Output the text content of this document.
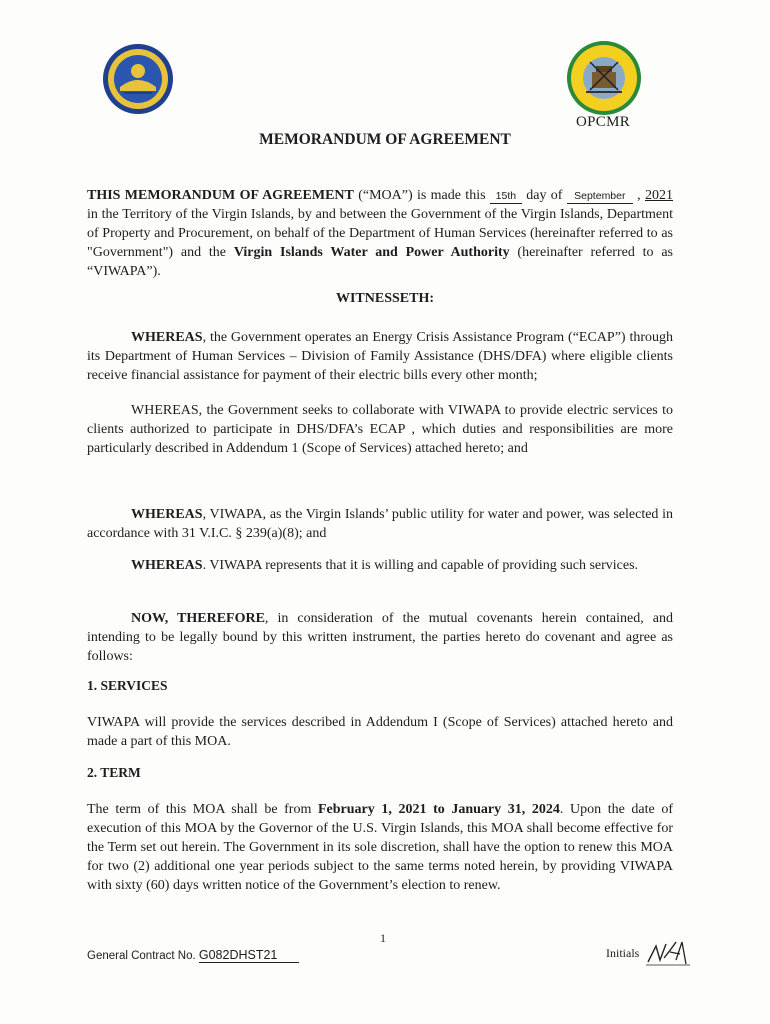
OPCMR
MEMORANDUM OF AGREEMENT
THIS MEMORANDUM OF AGREEMENT (“MOA”) is made this 15th day of September , 2021 in the Territory of the Virgin Islands, by and between the Government of the Virgin Islands, Department of Property and Procurement, on behalf of the Department of Human Services (hereinafter referred to as "Government") and the Virgin Islands Water and Power Authority (hereinafter referred to as “VIWAPA”).
WITNESSETH:
WHEREAS, the Government operates an Energy Crisis Assistance Program (“ECAP”) through its Department of Human Services – Division of Family Assistance (DHS/DFA) where eligible clients receive financial assistance for payment of their electric bills every other month;
WHEREAS, the Government seeks to collaborate with VIWAPA to provide electric services to clients authorized to participate in DHS/DFA’s ECAP , which duties and responsibilities are more particularly described in Addendum 1 (Scope of Services) attached hereto; and
WHEREAS, VIWAPA, as the Virgin Islands’ public utility for water and power, was selected in accordance with 31 V.I.C. § 239(a)(8); and
WHEREAS. VIWAPA represents that it is willing and capable of providing such services.
NOW, THEREFORE, in consideration of the mutual covenants herein contained, and intending to be legally bound by this written instrument, the parties hereto do covenant and agree as follows:
1. SERVICES
VIWAPA will provide the services described in Addendum I (Scope of Services) attached hereto and made a part of this MOA.
2. TERM
The term of this MOA shall be from February 1, 2021 to January 31, 2024. Upon the date of execution of this MOA by the Governor of the U.S. Virgin Islands, this MOA shall become effective for the Term set out herein. The Government in its sole discretion, shall have the option to renew this MOA for two (2) additional one year periods subject to the same terms noted herein, by providing VIWAPA with sixty (60) days written notice of the Government’s election to renew.
1
General Contract No. G082DHST21	Initials
